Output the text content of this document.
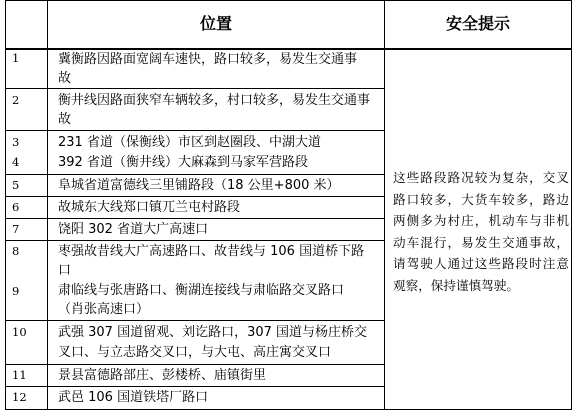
位置	安全提示
1	冀衡路因路面宽阔车速快，路口较多，易发生交通事
故
2	衡井线因路面狭窄车辆较多，村口较多，易发生交通事
故
3	231 省道（保衡线）市区到赵圈段、中湖大道
4	392 省道（衡井线）大麻森到马家军营路段
5	阜城省道富德线三里铺路段（18 公里+800 米）
6	故城东大线郑口镇兀兰屯村路段
7	饶阳 302 省道大广高速口
8	枣强故昔线大广高速路口、故昔线与 106 国道桥下路
口
9	肃临线与张唐路口、衡湖连接线与肃临路交叉路口
（肖张高速口）
10 武强 307 国道留观、刘讫路口，307 国道与杨庄桥交
叉口、与立志路交叉口，与大屯、高庄寓交叉口
11 景县富德路部庄、彭楼桥、庙镇街里
12 武邑 106 国道铁塔厂路口
这些路段路况较为复杂，交叉路口较多，大货车较多，路边两侧多为村庄，机动车与非机动车混行，易发生交通事故，请驾驶人通过这些路段时注意观察，保持谨慎驾驶。
